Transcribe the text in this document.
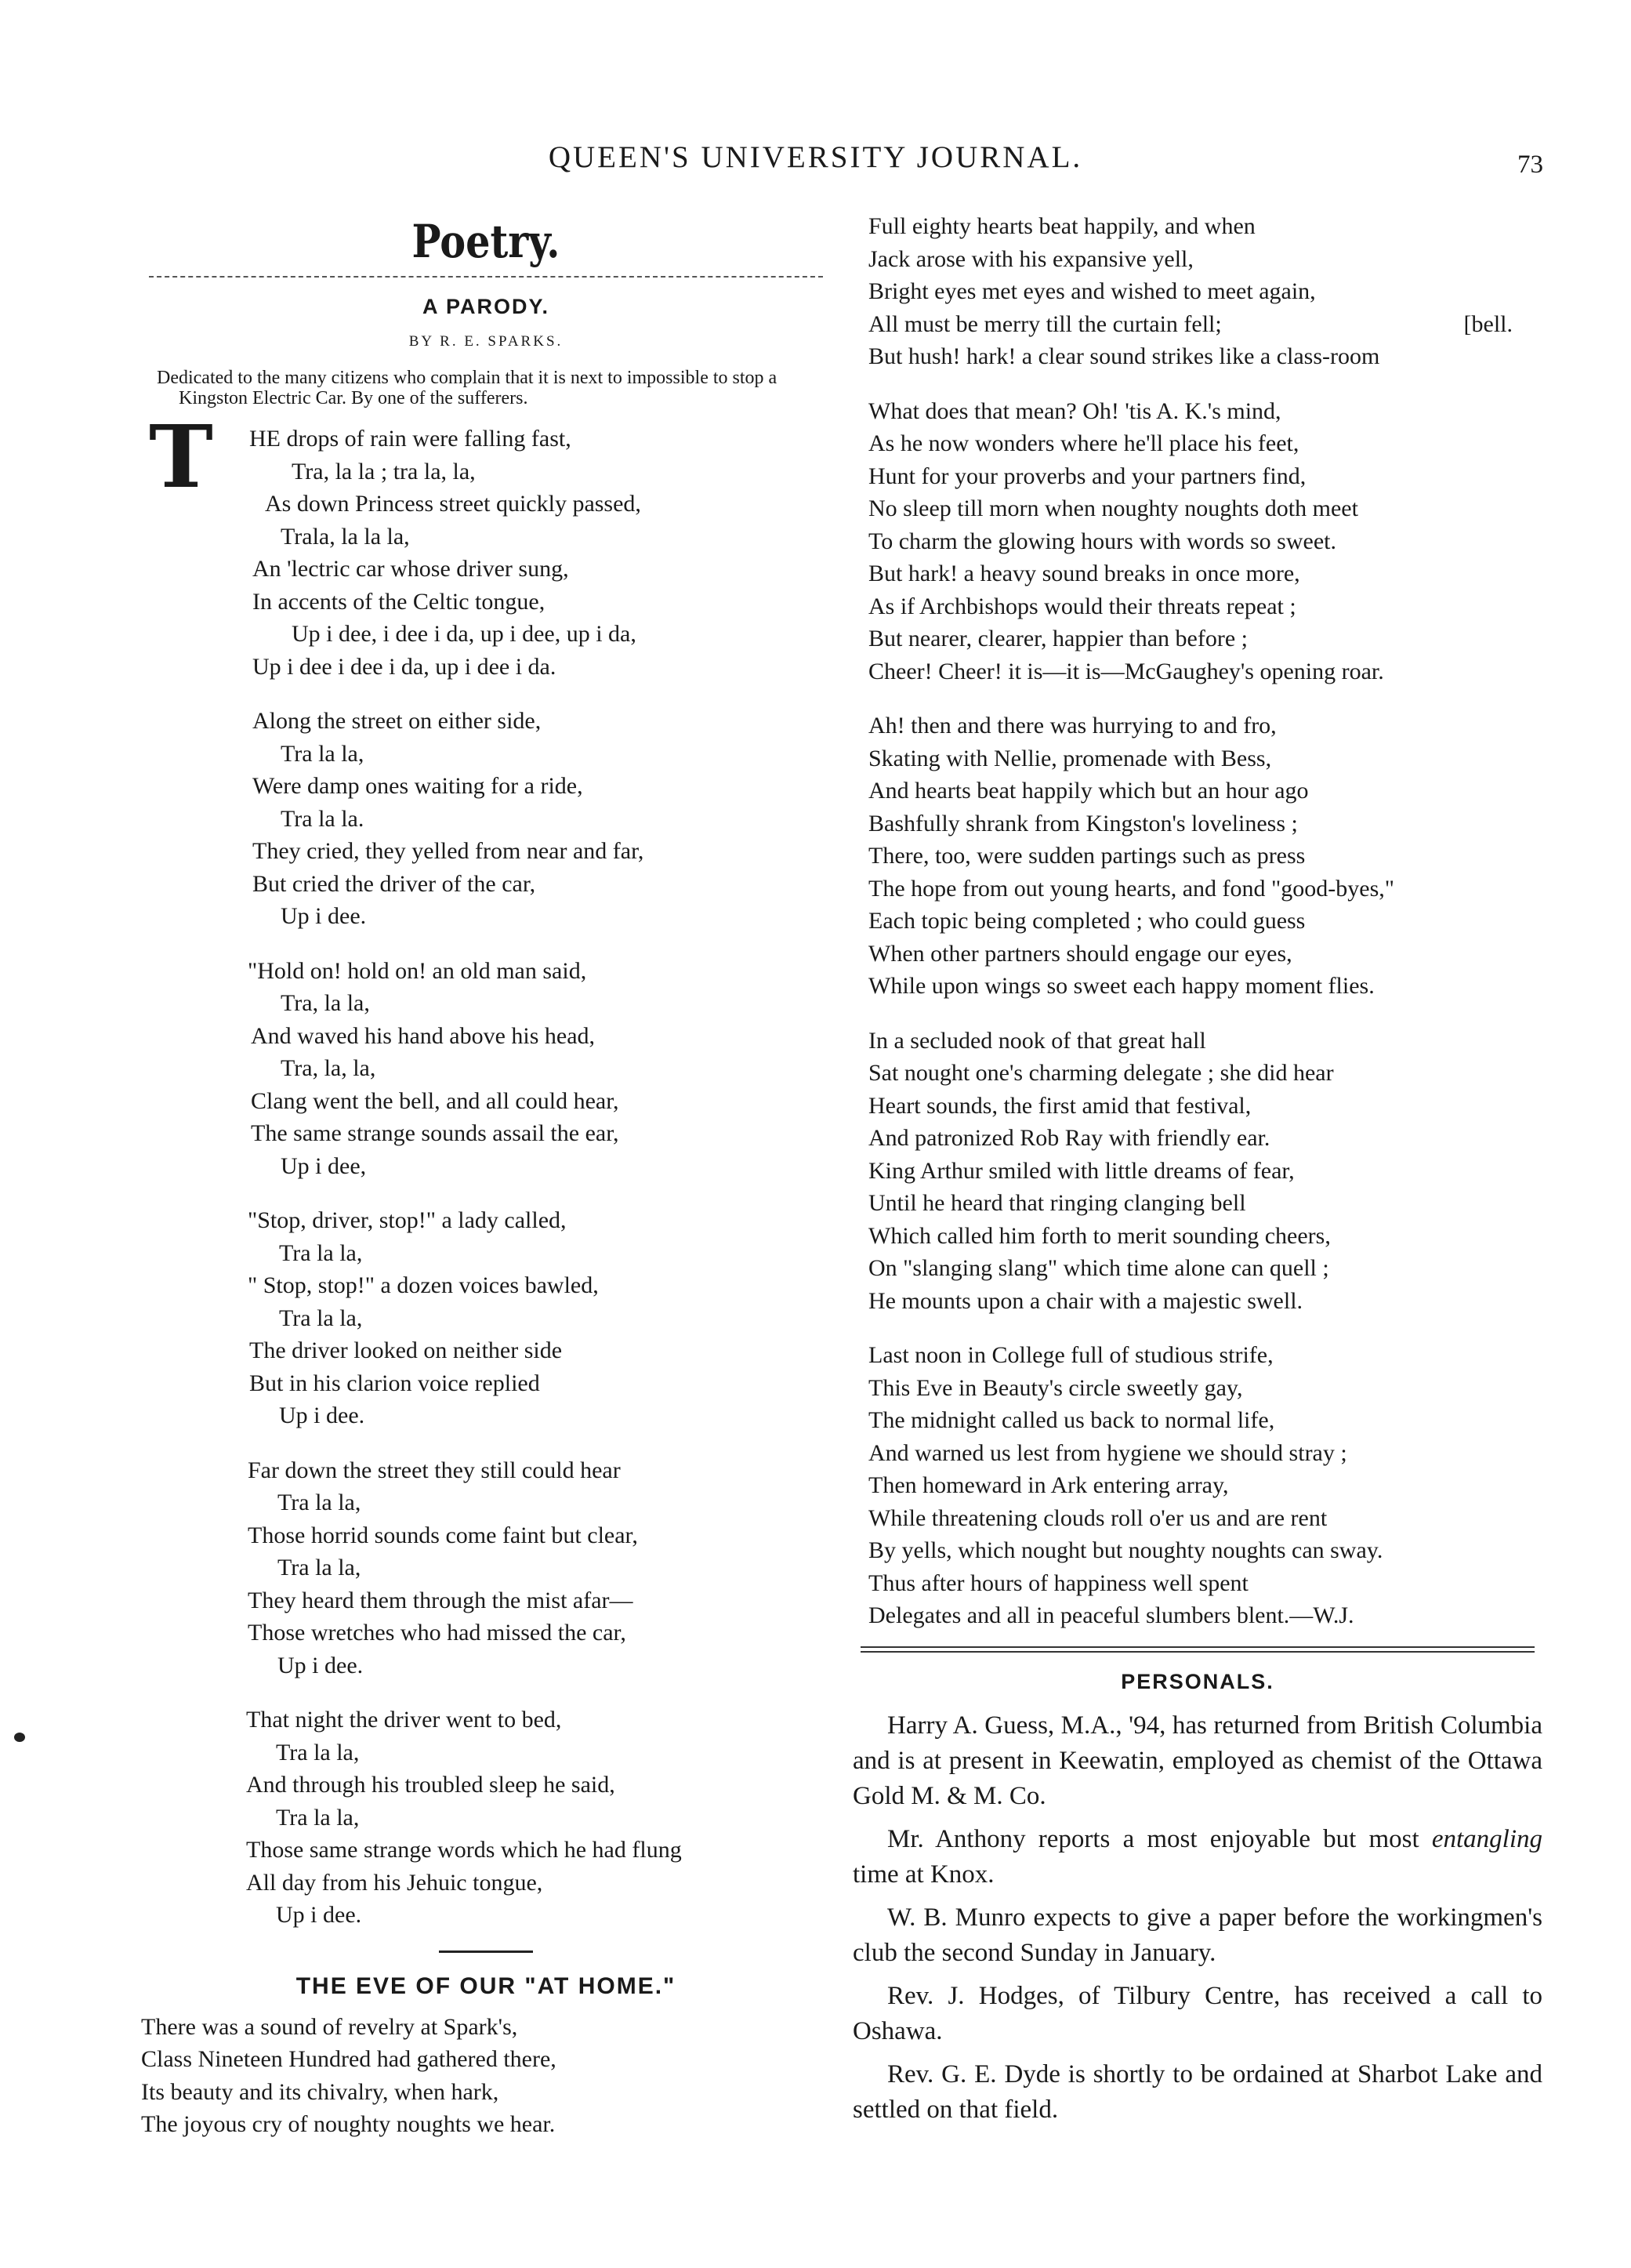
QUEEN'S UNIVERSITY JOURNAL.	73
Poetry.
A PARODY.
BY R. E. SPARKS.
Dedicated to the many citizens who complain that it is next to impossible to stop a Kingston Electric Car. By one of the sufferers.
T HE drops of rain were falling fast,
Tra, la la ; tra la, la,
As down Princess street quickly passed,
Trala, la la la,
An 'lectric car whose driver sung,
In accents of the Celtic tongue,
Up i dee, i dee i da, up i dee, up i da,
Up i dee i dee i da, up i dee i da.
Along the street on either side,
Tra la la,
Were damp ones waiting for a ride,
Tra la la.
They cried, they yelled from near and far,
But cried the driver of the car,
Up i dee.
"Hold on! hold on! an old man said,
Tra, la la,
And waved his hand above his head,
Tra, la, la,
Clang went the bell, and all could hear,
The same strange sounds assail the ear,
Up i dee,
"Stop, driver, stop!" a lady called,
Tra la la,
" Stop, stop!" a dozen voices bawled,
Tra la la,
The driver looked on neither side
But in his clarion voice replied
Up i dee.
Far down the street they still could hear
Tra la la,
Those horrid sounds come faint but clear,
Tra la la,
They heard them through the mist afar—
Those wretches who had missed the car,
Up i dee.
That night the driver went to bed,
Tra la la,
And through his troubled sleep he said,
Tra la la,
Those same strange words which he had flung
All day from his Jehuic tongue,
Up i dee.
THE EVE OF OUR "AT HOME."
There was a sound of revelry at Spark's,
Class Nineteen Hundred had gathered there,
Its beauty and its chivalry, when hark,
The joyous cry of noughty noughts we hear.
Full eighty hearts beat happily, and when
Jack arose with his expansive yell,
Bright eyes met eyes and wished to meet again,
All must be merry till the curtain fell;	[bell.
But hush! hark! a clear sound strikes like a class-room
What does that mean? Oh! 'tis A. K.'s mind,
As he now wonders where he'll place his feet,
Hunt for your proverbs and your partners find,
No sleep till morn when noughty noughts doth meet
To charm the glowing hours with words so sweet.
But hark! a heavy sound breaks in once more,
As if Archbishops would their threats repeat ;
But nearer, clearer, happier than before ;
Cheer! Cheer! it is—it is—McGaughey's opening roar.
Ah! then and there was hurrying to and fro,
Skating with Nellie, promenade with Bess,
And hearts beat happily which but an hour ago
Bashfully shrank from Kingston's loveliness ;
There, too, were sudden partings such as press
The hope from out young hearts, and fond "good-byes,"
Each topic being completed ; who could guess
When other partners should engage our eyes,
While upon wings so sweet each happy moment flies.
In a secluded nook of that great hall
Sat nought one's charming delegate ; she did hear
Heart sounds, the first amid that festival,
And patronized Rob Ray with friendly ear.
King Arthur smiled with little dreams of fear,
Until he heard that ringing clanging bell
Which called him forth to merit sounding cheers,
On "slanging slang" which time alone can quell ;
He mounts upon a chair with a majestic swell.
Last noon in College full of studious strife,
This Eve in Beauty's circle sweetly gay,
The midnight called us back to normal life,
And warned us lest from hygiene we should stray ;
Then homeward in Ark entering array,
While threatening clouds roll o'er us and are rent
By yells, which nought but noughty noughts can sway.
Thus after hours of happiness well spent
Delegates and all in peaceful slumbers blent.—W.J.
PERSONALS.

Harry A. Guess, M.A., '94, has returned from British Columbia and is at present in Keewatin, employed as chemist of the Ottawa Gold M. & M. Co.

Mr. Anthony reports a most enjoyable but most entangling time at Knox.

W. B. Munro expects to give a paper before the workingmen's club the second Sunday in January.

Rev. J. Hodges, of Tilbury Centre, has received a call to Oshawa.

Rev. G. E. Dyde is shortly to be ordained at Sharbot Lake and settled on that field.
